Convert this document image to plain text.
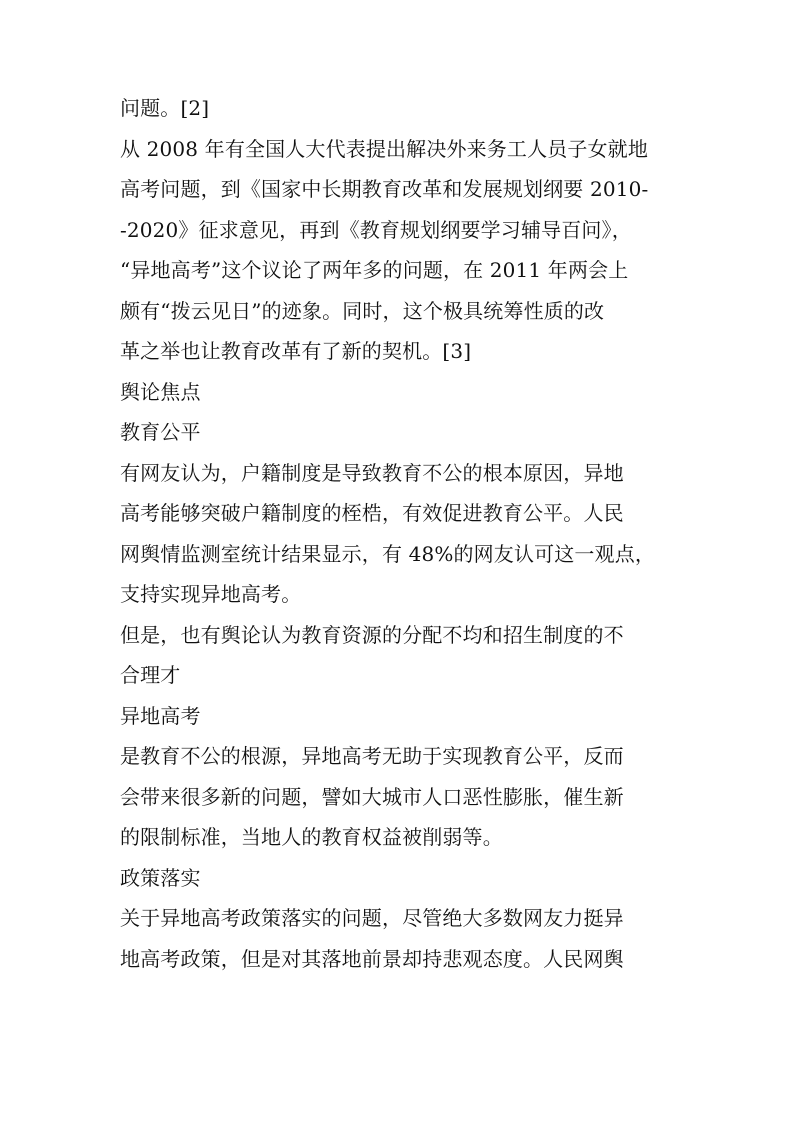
问题。[2]
从 2008 年有全国人大代表提出解决外来务工人员子女就地
高考问题，到《国家中长期教育改革和发展规划纲要 2010-
-2020》征求意见，再到《教育规划纲要学习辅导百问》，
“异地高考”这个议论了两年多的问题，在 2011 年两会上
颇有“拨云见日”的迹象。同时，这个极具统筹性质的改
革之举也让教育改革有了新的契机。[3]
舆论焦点
教育公平
有网友认为，户籍制度是导致教育不公的根本原因，异地
高考能够突破户籍制度的桎梏，有效促进教育公平。人民
网舆情监测室统计结果显示，有 48%的网友认可这一观点，
支持实现异地高考。
但是，也有舆论认为教育资源的分配不均和招生制度的不
合理才
异地高考
是教育不公的根源，异地高考无助于实现教育公平，反而
会带来很多新的问题，譬如大城市人口恶性膨胀，催生新
的限制标准，当地人的教育权益被削弱等。
政策落实
关于异地高考政策落实的问题，尽管绝大多数网友力挺异
地高考政策，但是对其落地前景却持悲观态度。人民网舆
